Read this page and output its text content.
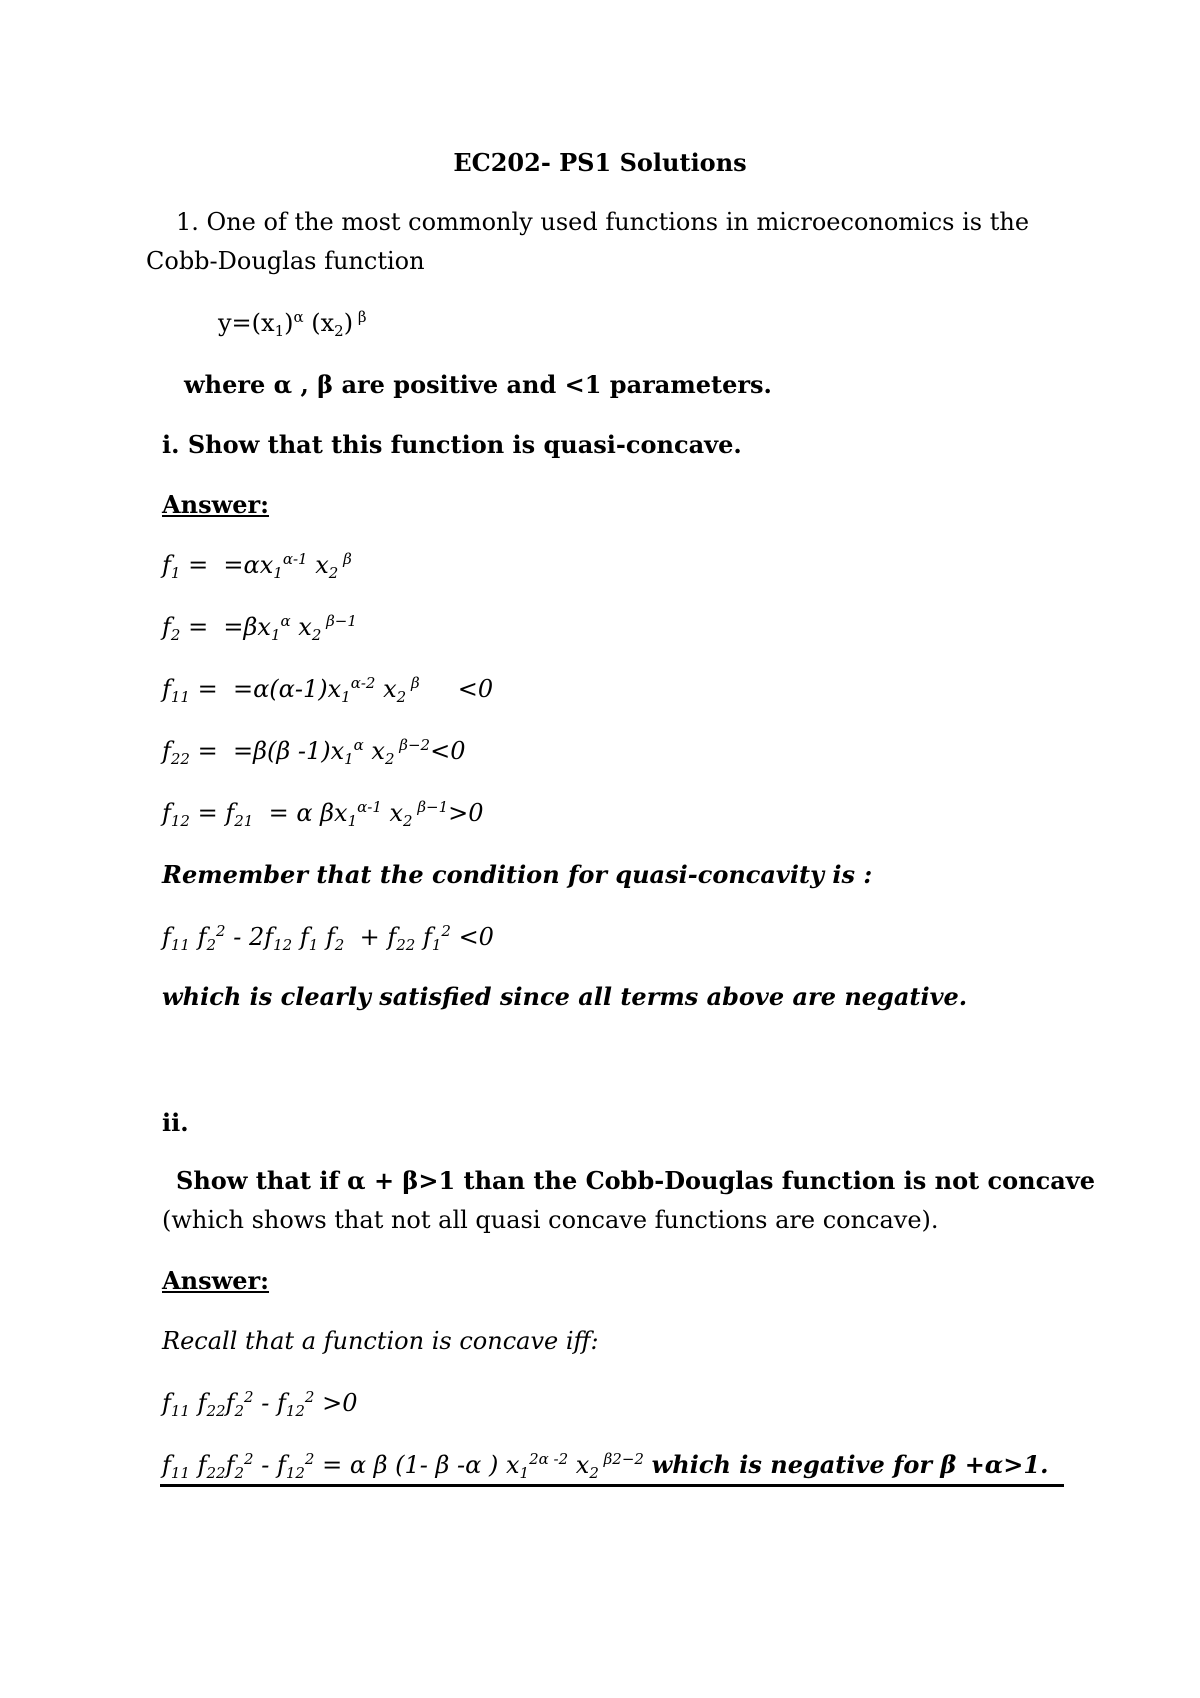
EC202- PS1 Solutions
1. One of the most commonly used functions in microeconomics is the
Cobb-Douglas function
$y=(x_1)^\alpha$ $(x_2)$ $^\beta$
where α , β are positive and <1 parameters.
i. Show that this function is quasi-concave.
Answer:
$f_1 = =\alpha x_1^{\alpha-1}$ $x_2$ $^\beta$
$f_2 = =\beta x_1^\alpha$ $x_2$ $^{\beta-1}$
$f_{11} = =\alpha(\alpha-1)x_1^{\alpha-2}$ $x_2$ $^\beta$     <0
$f_{22} = =\beta(\beta$ $-1)x_1^\alpha$ $x_2$ $^{\beta-2}$<0
$f_{12} = f_{21} = \alpha$ $\beta x_1^{\alpha-1}$ $x_2$ $^{\beta-1}$>0
Remember that the condition for quasi-concavity is :
$f_{11}$ $f_2^2 - 2f_{12}$ $f_1$ $f_2 + f_{22}$ $f_1^2 <0$
which is clearly satisfied since all terms above are negative.
ii.
Show that if α + β>1 than the Cobb-Douglas function is not concave
(which shows that not all quasi concave functions are concave).
Answer:
Recall that a function is concave iff:
$f_{11}$ $f_{22}f_2^2 - f_{12}^2 >0$
$f_{11}$ $f_{22}f_2^2 - f_{12}^2 = \alpha$ β (1- β -α ) $x_1^{2\alpha -2}$ $x_2$ $^{\beta 2-2}$ which is negative for β +α>1.
